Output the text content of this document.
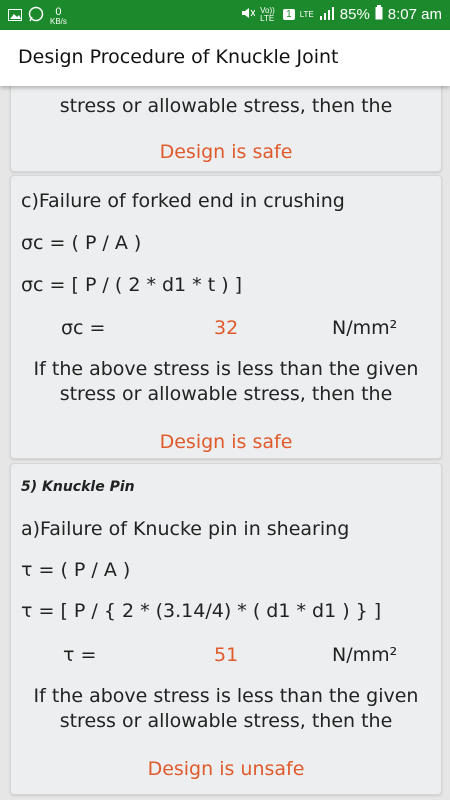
0
KB/s
Vo)) LTE	1	LTE 85% 8:07 am
Design Procedure of Knuckle Joint
stress or allowable stress, then the
Design is safe
c)Failure of forked end in crushing
σc = ( P / A )
σc = [ P / ( 2 * d1 * t ) ]
σc =	32	N/mm²
If the above stress is less than the given
stress or allowable stress, then the
Design is safe
5) Knuckle Pin
a)Failure of Knucke pin in shearing
τ = ( P / A )
τ = [ P / { 2 * (3.14/4) * ( d1 * d1 ) } ]
τ =	51	N/mm²
If the above stress is less than the given
stress or allowable stress, then the
Design is unsafe
